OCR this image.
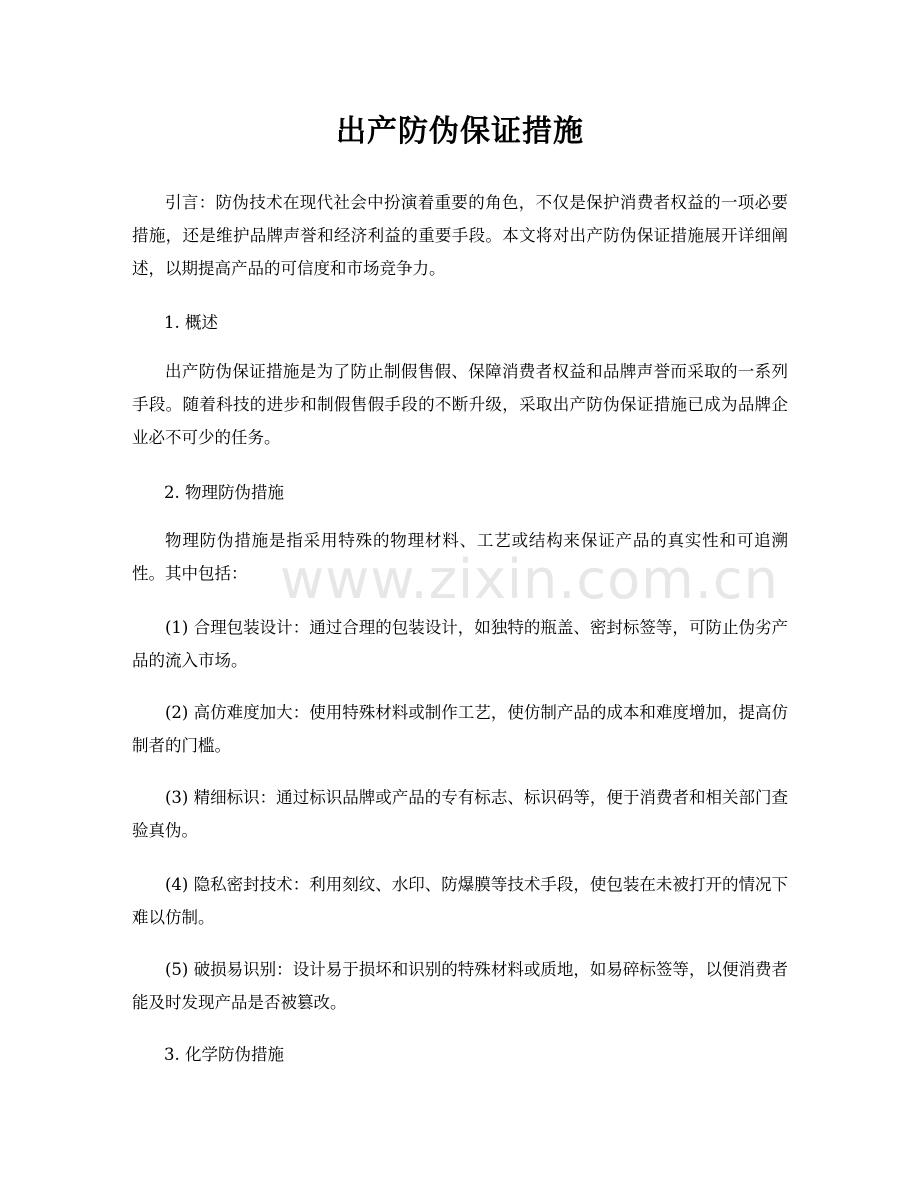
出产防伪保证措施
引言：防伪技术在现代社会中扮演着重要的角色，不仅是保护消费者权益的一项必要措施，还是维护品牌声誉和经济利益的重要手段。本文将对出产防伪保证措施展开详细阐述，以期提高产品的可信度和市场竞争力。
1. 概述
出产防伪保证措施是为了防止制假售假、保障消费者权益和品牌声誉而采取的一系列手段。随着科技的进步和制假售假手段的不断升级，采取出产防伪保证措施已成为品牌企业必不可少的任务。
2. 物理防伪措施
物理防伪措施是指采用特殊的物理材料、工艺或结构来保证产品的真实性和可追溯性。其中包括：
(1) 合理包装设计：通过合理的包装设计，如独特的瓶盖、密封标签等，可防止伪劣产品的流入市场。
(2) 高仿难度加大：使用特殊材料或制作工艺，使仿制产品的成本和难度增加，提高仿制者的门槛。
(3) 精细标识：通过标识品牌或产品的专有标志、标识码等，便于消费者和相关部门查验真伪。
(4) 隐私密封技术：利用刻纹、水印、防爆膜等技术手段，使包装在未被打开的情况下难以仿制。
(5) 破损易识别：设计易于损坏和识别的特殊材料或质地，如易碎标签等，以便消费者能及时发现产品是否被篡改。
3. 化学防伪措施
www.zixin.com.cn
